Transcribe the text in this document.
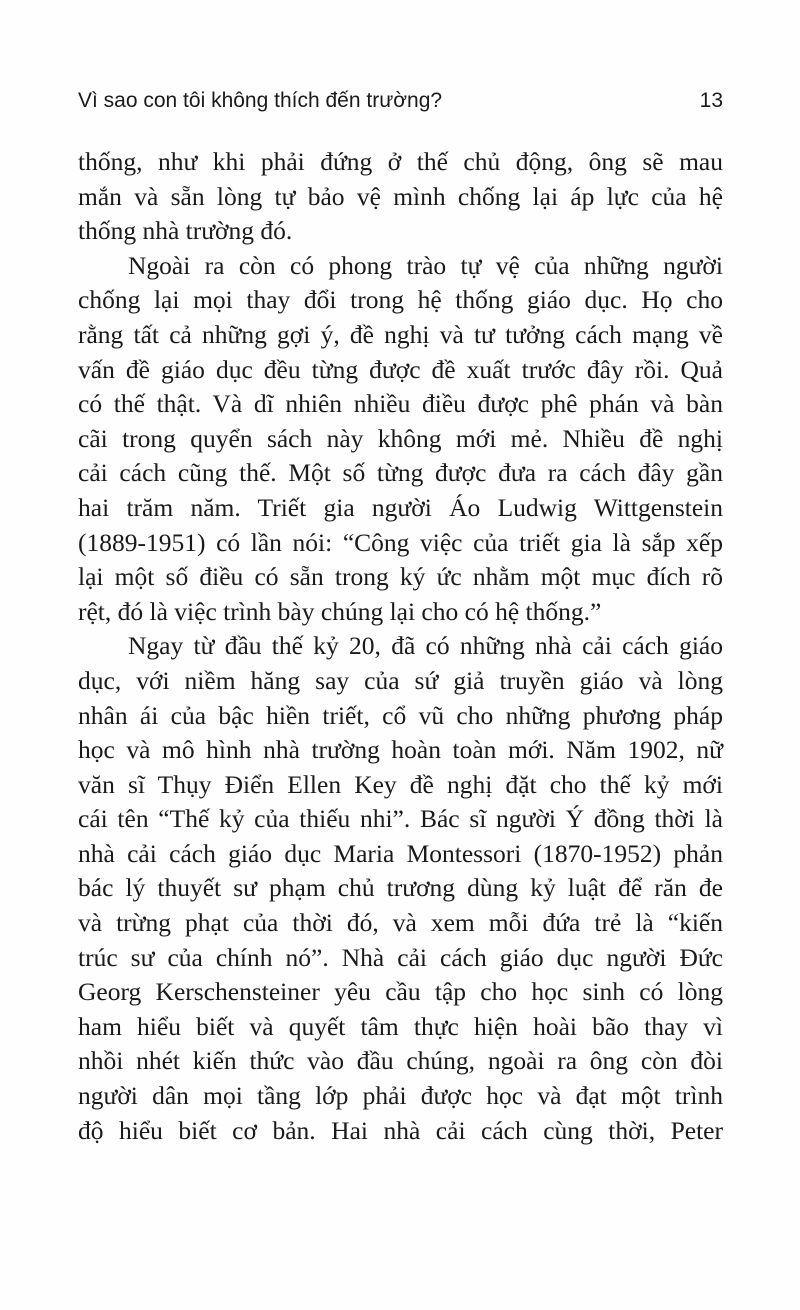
Vì sao con tôi không thích đến trường?	13

thống, như khi phải đứng ở thế chủ động, ông sẽ mau
mắn và sẵn lòng tự bảo vệ mình chống lại áp lực của hệ
thống nhà trường đó.

Ngoài ra còn có phong trào tự vệ của những người
chống lại mọi thay đổi trong hệ thống giáo dục. Họ cho
rằng tất cả những gợi ý, đề nghị và tư tưởng cách mạng về
vấn đề giáo dục đều từng được đề xuất trước đây rồi. Quả
có thế thật. Và dĩ nhiên nhiều điều được phê phán và bàn
cãi trong quyển sách này không mới mẻ. Nhiều đề nghị
cải cách cũng thế. Một số từng được đưa ra cách đây gần
hai trăm năm. Triết gia người Áo Ludwig Wittgenstein
(1889-1951) có lần nói: “Công việc của triết gia là sắp xếp
lại một số điều có sẵn trong ký ức nhằm một mục đích rõ
rệt, đó là việc trình bày chúng lại cho có hệ thống.”

Ngay từ đầu thế kỷ 20, đã có những nhà cải cách giáo
dục, với niềm hăng say của sứ giả truyền giáo và lòng
nhân ái của bậc hiền triết, cổ vũ cho những phương pháp
học và mô hình nhà trường hoàn toàn mới. Năm 1902, nữ
văn sĩ Thụy Điển Ellen Key đề nghị đặt cho thế kỷ mới
cái tên “Thế kỷ của thiếu nhi”. Bác sĩ người Ý đồng thời là
nhà cải cách giáo dục Maria Montessori (1870-1952) phản
bác lý thuyết sư phạm chủ trương dùng kỷ luật để răn đe
và trừng phạt của thời đó, và xem mỗi đứa trẻ là “kiến
trúc sư của chính nó”. Nhà cải cách giáo dục người Đức
Georg Kerschensteiner yêu cầu tập cho học sinh có lòng
ham hiểu biết và quyết tâm thực hiện hoài bão thay vì
nhồi nhét kiến thức vào đầu chúng, ngoài ra ông còn đòi
người dân mọi tầng lớp phải được học và đạt một trình
độ hiểu biết cơ bản. Hai nhà cải cách cùng thời, Peter
